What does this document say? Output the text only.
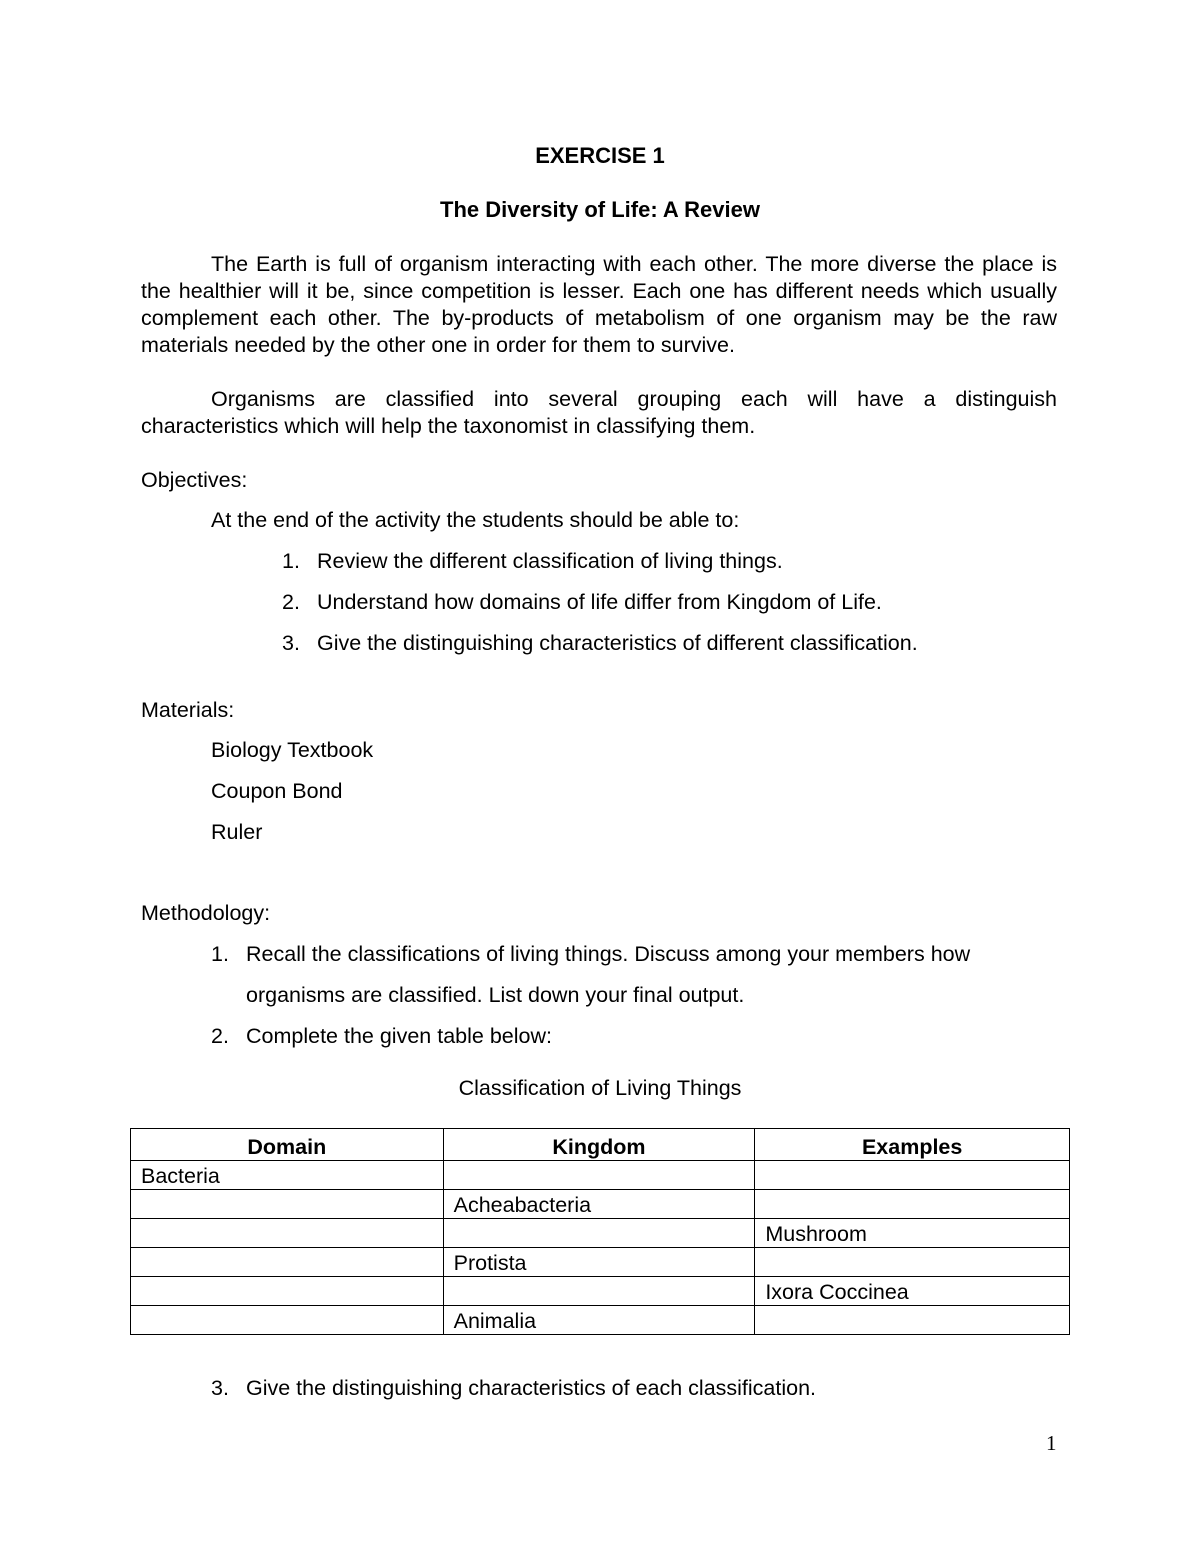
EXERCISE 1
The Diversity of Life: A Review
The Earth is full of organism interacting with each other. The more diverse the place is the healthier will it be, since competition is lesser. Each one has different needs which usually complement each other. The by-products of metabolism of one organism may be the raw materials needed by the other one in order for them to survive.
Organisms are classified into several grouping each will have a distinguish characteristics which will help the taxonomist in classifying them.
Objectives:
At the end of the activity the students should be able to:
1. Review the different classification of living things.
2. Understand how domains of life differ from Kingdom of Life.
3. Give the distinguishing characteristics of different classification.
Materials:
Biology Textbook
Coupon Bond
Ruler
Methodology:
1. Recall the classifications of living things. Discuss among your members how
organisms are classified. List down your final output.
2. Complete the given table below:
Classification of Living Things
Domain	Kingdom	Examples
Bacteria		
	Acheabacteria	
		Mushroom
	Protista	
		Ixora Coccinea
	Animalia	
3. Give the distinguishing characteristics of each classification.
1
